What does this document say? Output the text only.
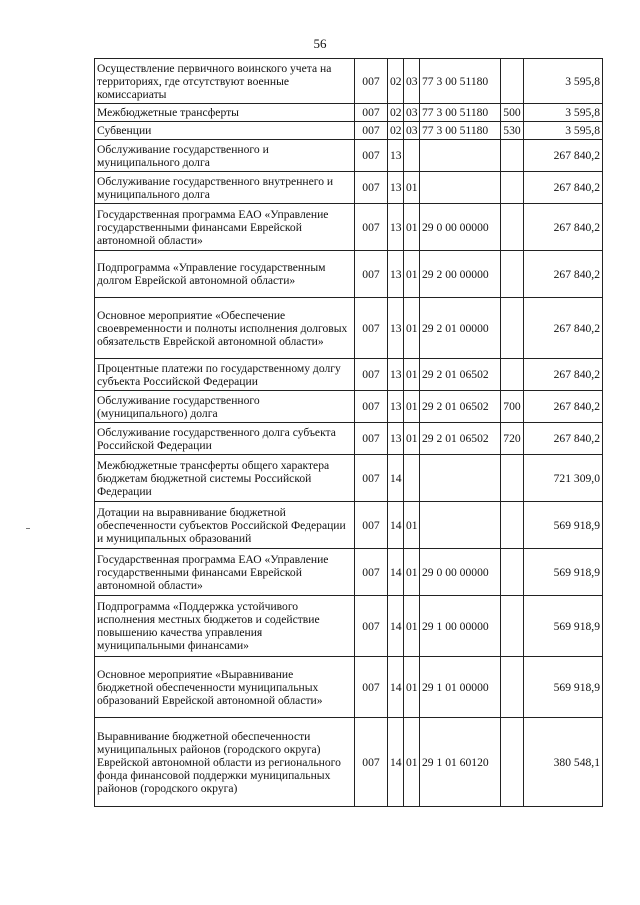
56
Осуществление первичного воинского учета на территориях, где отсутствуют военные комиссариаты	007	02	03	77 3 00 51180		3 595,8
Межбюджетные трансферты	007	02	03	77 3 00 51180	500	3 595,8
Субвенции	007	02	03	77 3 00 51180	530	3 595,8
Обслуживание государственного и муниципального долга	007	13				267 840,2
Обслуживание государственного внутреннего и муниципального долга	007	13	01			267 840,2
Государственная программа ЕАО «Управление государственными финансами Еврейской автономной области»	007	13	01	29 0 00 00000		267 840,2
Подпрограмма «Управление государственным долгом Еврейской автономной области»	007	13	01	29 2 00 00000		267 840,2
Основное мероприятие «Обеспечение своевременности и полноты исполнения долговых обязательств Еврейской автономной области»	007	13	01	29 2 01 00000		267 840,2
Процентные платежи по государственному долгу субъекта Российской Федерации	007	13	01	29 2 01 06502		267 840,2
Обслуживание государственного (муниципального) долга	007	13	01	29 2 01 06502	700	267 840,2
Обслуживание государственного долга субъекта Российской Федерации	007	13	01	29 2 01 06502	720	267 840,2
Межбюджетные трансферты общего характера бюджетам бюджетной системы Российской Федерации	007	14				721 309,0
Дотации на выравнивание бюджетной обеспеченности субъектов Российской Федерации и муниципальных образований	007	14	01			569 918,9
Государственная программа ЕАО «Управление государственными финансами Еврейской автономной области»	007	14	01	29 0 00 00000		569 918,9
Подпрограмма «Поддержка устойчивого исполнения местных бюджетов и содействие повышению качества управления муниципальными финансами»	007	14	01	29 1 00 00000		569 918,9
Основное мероприятие «Выравнивание бюджетной обеспеченности муниципальных образований Еврейской автономной области»	007	14	01	29 1 01 00000		569 918,9
Выравнивание бюджетной обеспеченности муниципальных районов (городского округа) Еврейской автономной области из регионального фонда финансовой поддержки муниципальных районов (городского округа)	007	14	01	29 1 01 60120		380 548,1
